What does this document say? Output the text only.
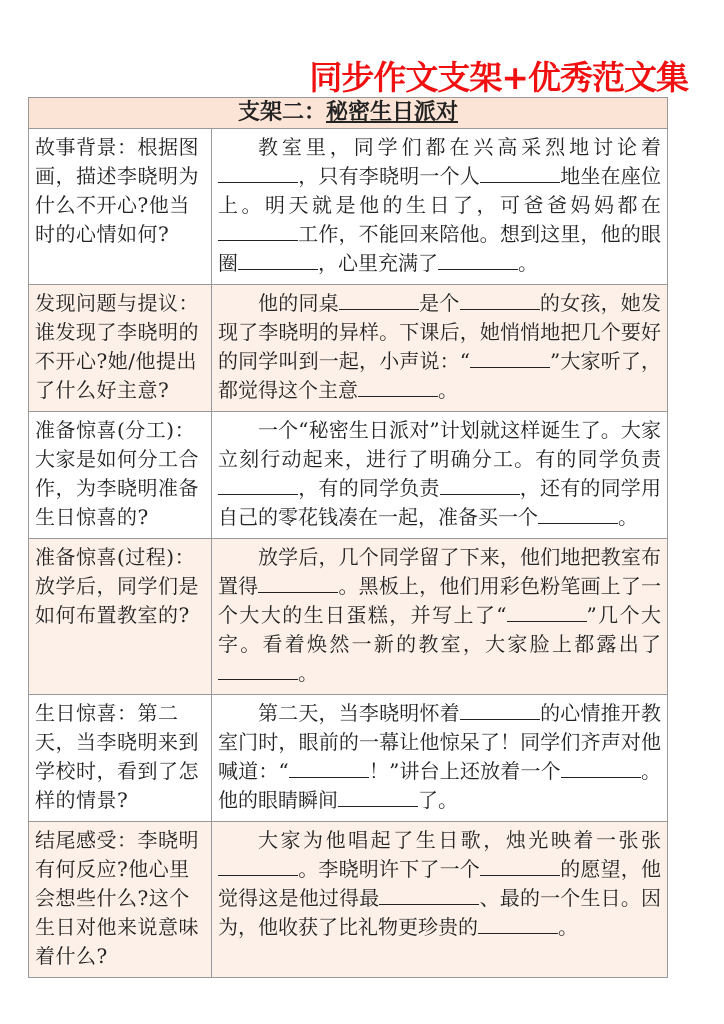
同步作文支架+优秀范文集
支架二：秘密生日派对	
故事背景：根据图画，描述李晓明为什么不开心?他当时的心情如何?	教室里，同学们都在兴高采烈地讨论着，只有李晓明一个人 地坐在座位上。明天就是他的生日了，可爸爸妈妈都在工作，不能回来陪他。想到这里，他的眼圈 ，心里充满了 。

发现问题与提议：谁发现了李晓明的不开心?她/他提出了什么好主意?	他的同桌 是个 的女孩，她发现了李晓明的异样。下课后，她悄悄地把几个要好的同学叫到一起，小声说：“ ”大家听了，都觉得这个主意 。

准备惊喜(分工)：大家是如何分工合作，为李晓明准备生日惊喜的?	一个“秘密生日派对”计划就这样诞生了。大家立刻行动起来，进行了明确分工。有的同学负责，有的同学负责 ，还有的同学用自己的零花钱凑在一起，准备买一个 。

准备惊喜(过程)：放学后，同学们是如何布置教室的?	放学后，几个同学留了下来，他们地把教室布置得 。黑板上，他们用彩色粉笔画上了一个大大的生日蛋糕，并写上了“ ”几个大字。看着焕然一新的教室，大家脸上都露出了。

生日惊喜：第二天，当李晓明来到学校时，看到了怎样的情景?	第二天，当李晓明怀着 的心情推开教室门时，眼前的一幕让他惊呆了！同学们齐声对他喊道：“ ！”讲台上还放着一个 。他的眼睛瞬间 了。

结尾感受：李晓明有何反应?他心里会想些什么?这个生日对他来说意味着什么?	大家为他唱起了生日歌，烛光映着一张张。李晓明许下了一个 的愿望，他觉得这是他过得最 、最的一个生日。因为，他收获了比礼物更珍贵的 。
